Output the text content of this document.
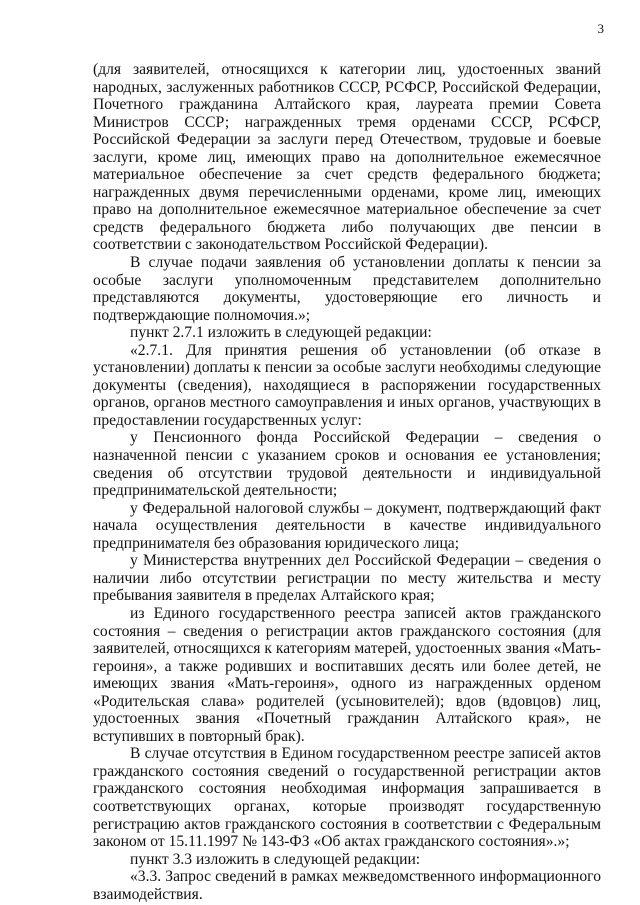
3

(для заявителей, относящихся к категории лиц, удостоенных званий народных, заслуженных работников СССР, РСФСР, Российской Федерации, Почетного гражданина Алтайского края, лауреата премии Совета Министров СССР; награжденных тремя орденами СССР, РСФСР, Российской Федерации за заслуги перед Отечеством, трудовые и боевые заслуги, кроме лиц, имеющих право на дополнительное ежемесячное материальное обеспечение за счет средств федерального бюджета; награжденных двумя перечисленными орденами, кроме лиц, имеющих право на дополнительное ежемесячное материальное обеспечение за счет средств федерального бюджета либо получающих две пенсии в соответствии с законодательством Российской Федерации).

В случае подачи заявления об установлении доплаты к пенсии за особые заслуги уполномоченным представителем дополнительно представляются документы, удостоверяющие его личность и подтверждающие полномочия.»;

пункт 2.7.1 изложить в следующей редакции:

«2.7.1. Для принятия решения об установлении (об отказе в установлении) доплаты к пенсии за особые заслуги необходимы следующие документы (сведения), находящиеся в распоряжении государственных органов, органов местного самоуправления и иных органов, участвующих в предоставлении государственных услуг:

у Пенсионного фонда Российской Федерации – сведения о назначенной пенсии с указанием сроков и основания ее установления; сведения об отсутствии трудовой деятельности и индивидуальной предпринимательской деятельности;

у Федеральной налоговой службы – документ, подтверждающий факт начала осуществления деятельности в качестве индивидуального предпринимателя без образования юридического лица;

у Министерства внутренних дел Российской Федерации – сведения о наличии либо отсутствии регистрации по месту жительства и месту пребывания заявителя в пределах Алтайского края;

из Единого государственного реестра записей актов гражданского состояния – сведения о регистрации актов гражданского состояния (для заявителей, относящихся к категориям матерей, удостоенных звания «Мать-героиня», а также родивших и воспитавших десять или более детей, не имеющих звания «Мать-героиня», одного из награжденных орденом «Родительская слава» родителей (усыновителей); вдов (вдовцов) лиц, удостоенных звания «Почетный гражданин Алтайского края», не вступивших в повторный брак).

В случае отсутствия в Едином государственном реестре записей актов гражданского состояния сведений о государственной регистрации актов гражданского состояния необходимая информация запрашивается в соответствующих органах, которые производят государственную регистрацию актов гражданского состояния в соответствии с Федеральным законом от 15.11.1997 № 143-ФЗ «Об актах гражданского состояния».»;

пункт 3.3 изложить в следующей редакции:

«3.3. Запрос сведений в рамках межведомственного информационного взаимодействия.
